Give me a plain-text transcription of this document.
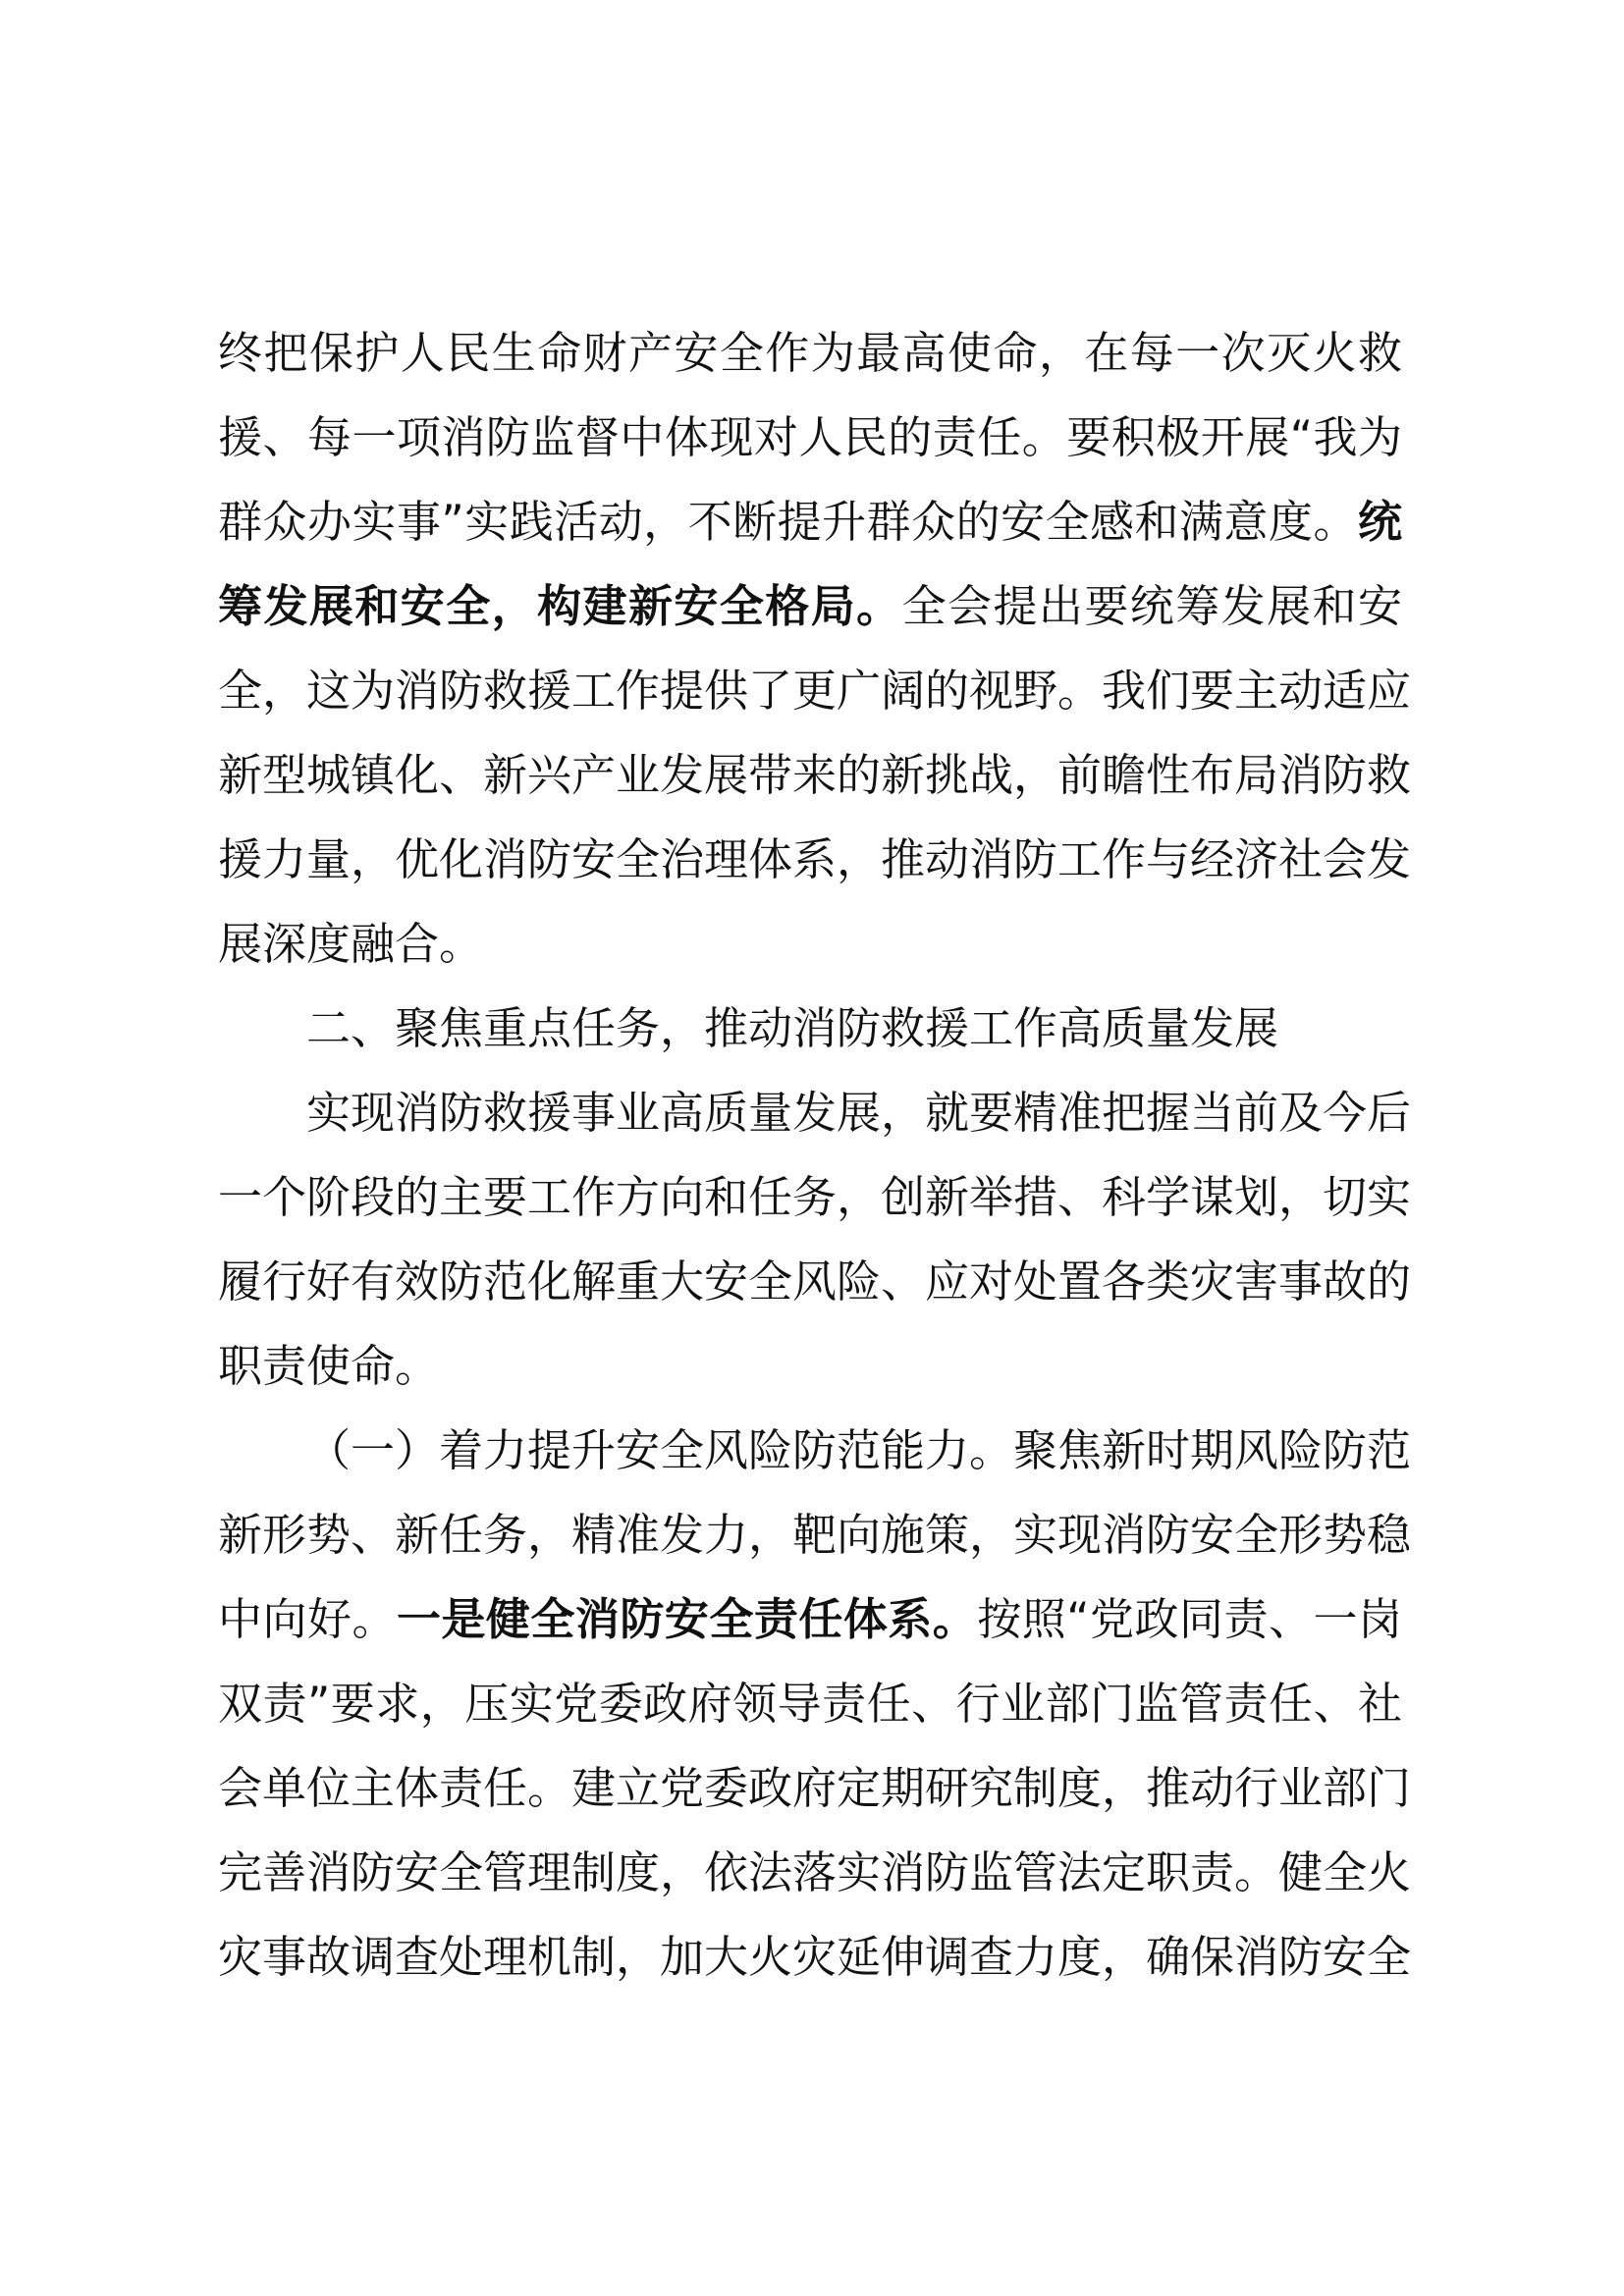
终把保护人民生命财产安全作为最高使命，在每一次灭火救
援、每一项消防监督中体现对人民的责任。要积极开展“我为
群众办实事”实践活动，不断提升群众的安全感和满意度。统
筹发展和安全，构建新安全格局。全会提出要统筹发展和安
全，这为消防救援工作提供了更广阔的视野。我们要主动适应
新型城镇化、新兴产业发展带来的新挑战，前瞻性布局消防救
援力量，优化消防安全治理体系，推动消防工作与经济社会发
展深度融合。
二、聚焦重点任务，推动消防救援工作高质量发展
实现消防救援事业高质量发展，就要精准把握当前及今后
一个阶段的主要工作方向和任务，创新举措、科学谋划，切实
履行好有效防范化解重大安全风险、应对处置各类灾害事故的
职责使命。
（一）着力提升安全风险防范能力。聚焦新时期风险防范
新形势、新任务，精准发力，靶向施策，实现消防安全形势稳
中向好。一是健全消防安全责任体系。按照“党政同责、一岗
双责”要求，压实党委政府领导责任、行业部门监管责任、社
会单位主体责任。建立党委政府定期研究制度，推动行业部门
完善消防安全管理制度，依法落实消防监管法定职责。健全火
灾事故调查处理机制，加大火灾延伸调查力度，确保消防安全
